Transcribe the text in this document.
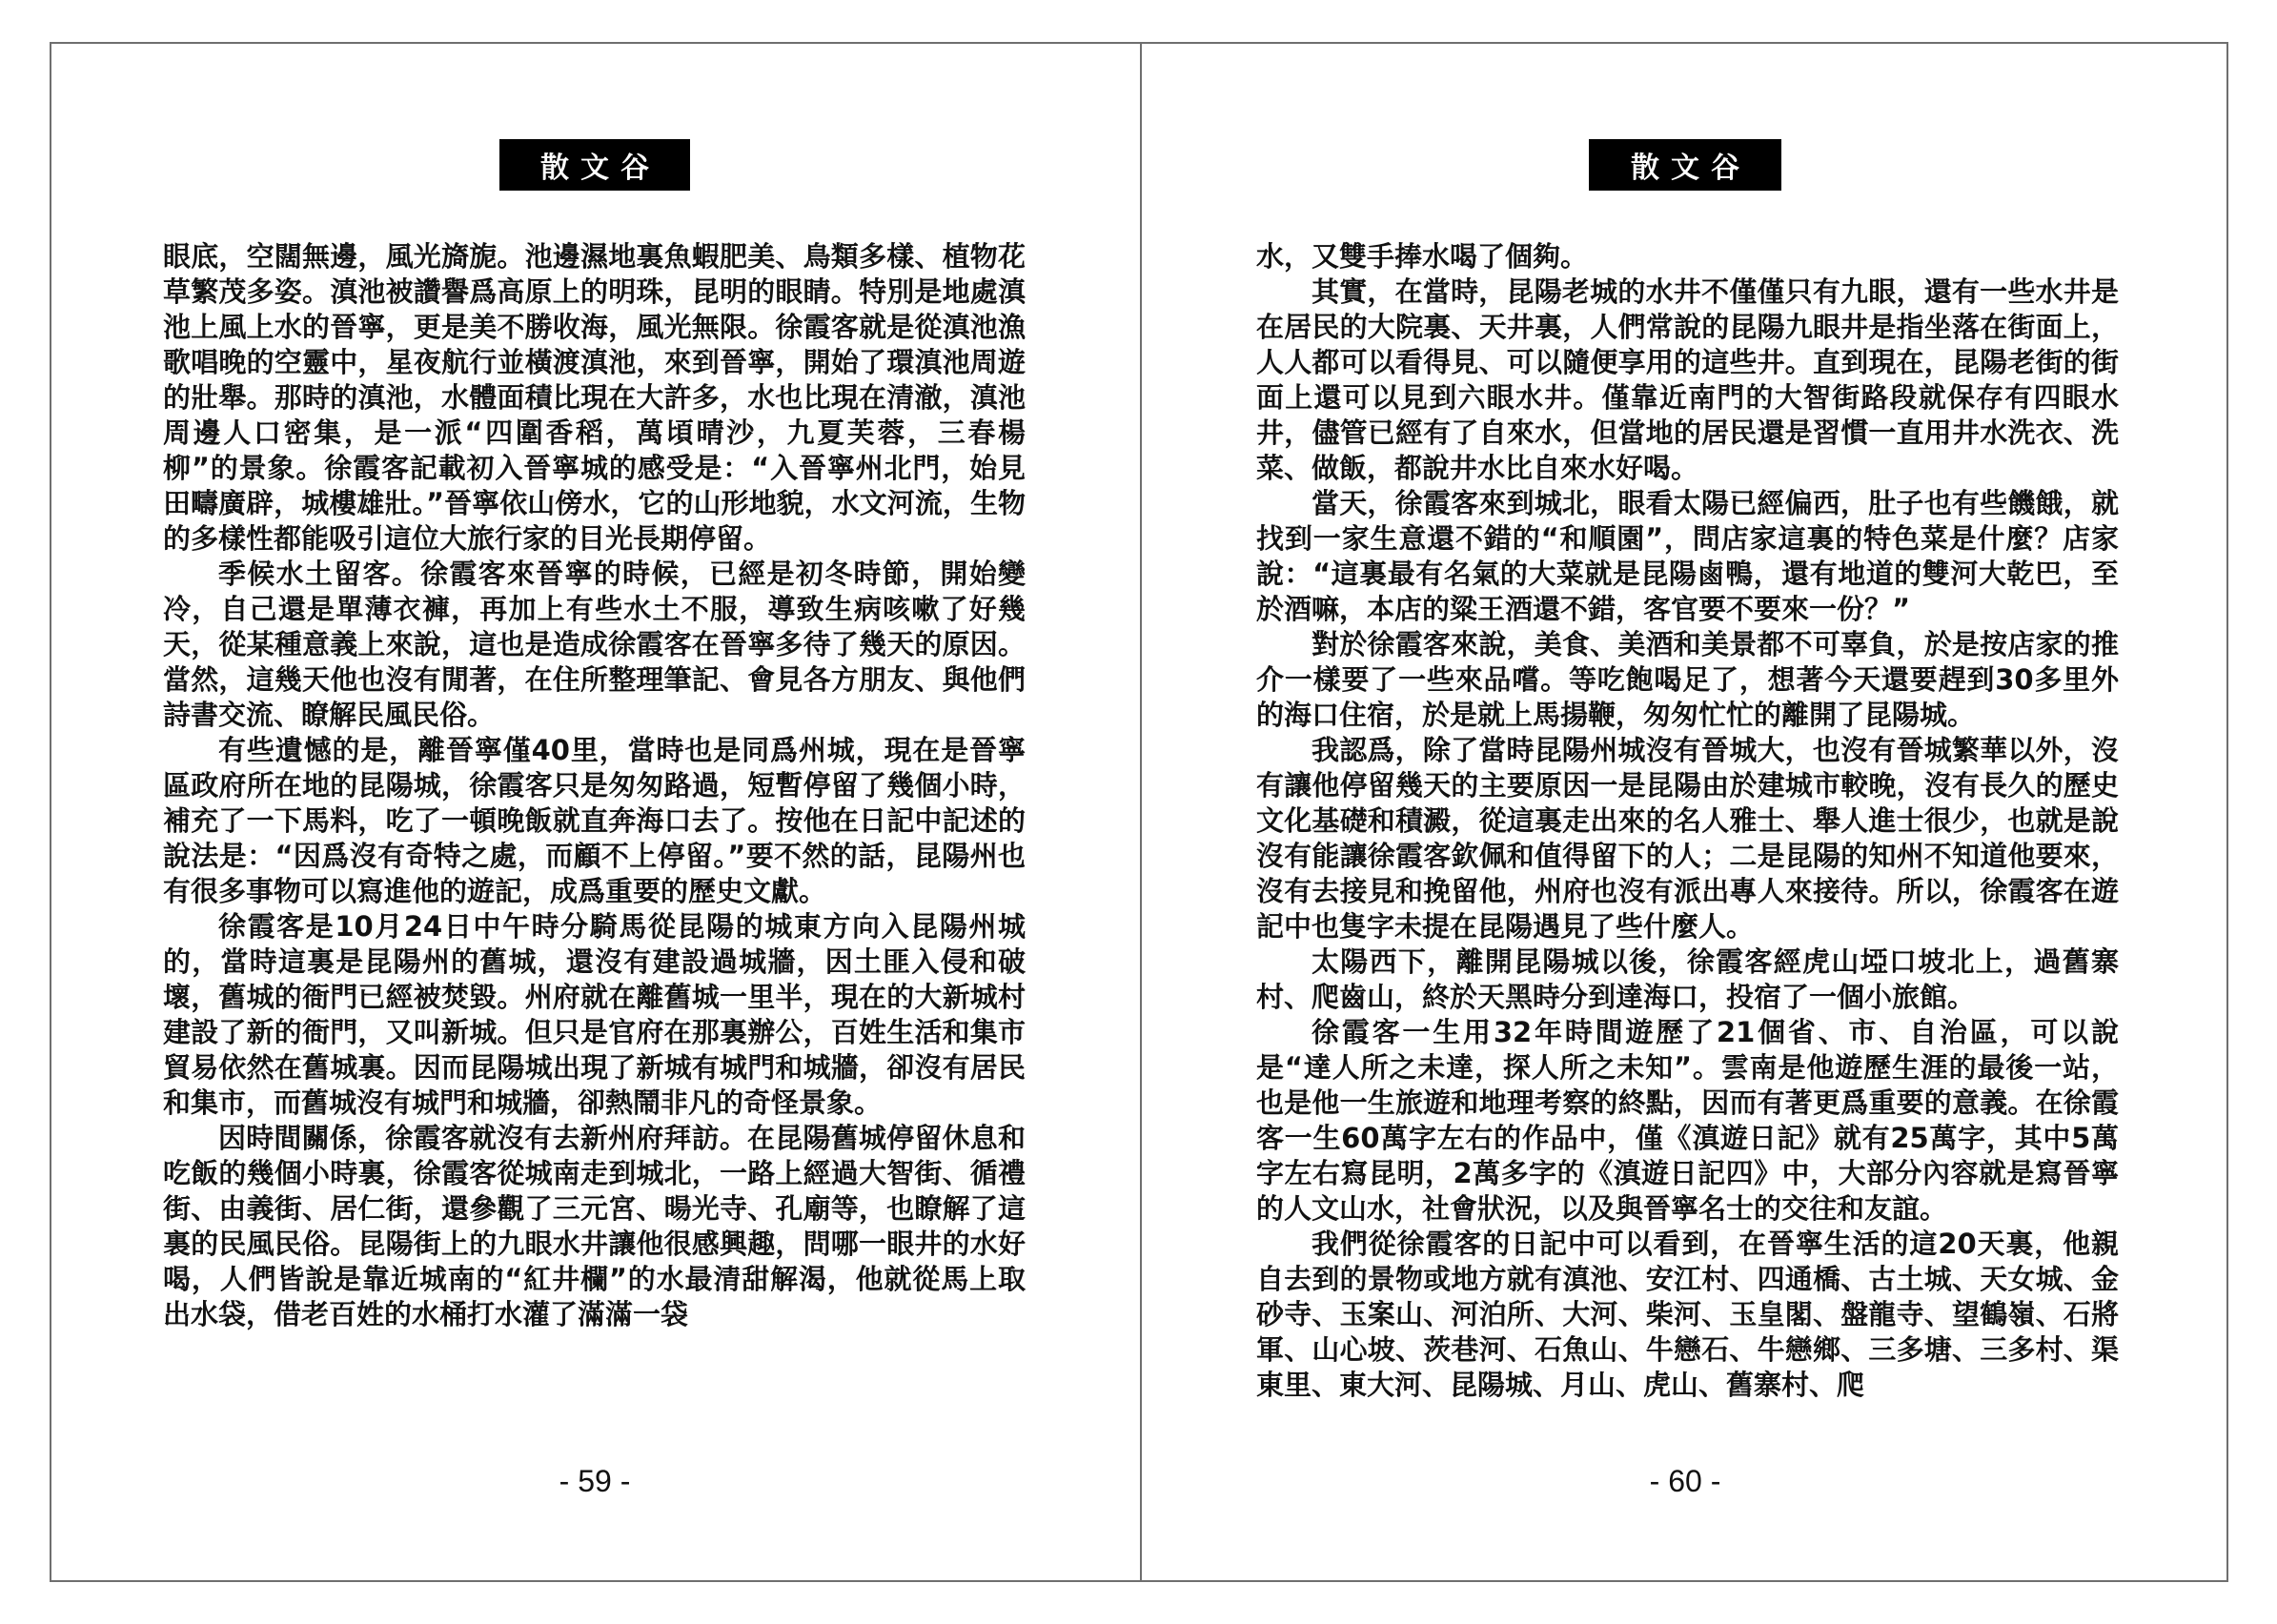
散文谷

眼底，空闊無邊，風光旖旎。池邊濕地裏魚蝦肥美、鳥類多樣、植物花草繁茂多姿。滇池被讚譽爲高原上的明珠，昆明的眼睛。特別是地處滇池上風上水的晉寧，更是美不勝收海，風光無限。徐霞客就是從滇池漁歌唱晚的空靈中，星夜航行並橫渡滇池，來到晉寧，開始了環滇池周遊的壯舉。那時的滇池，水體面積比現在大許多，水也比現在清澈，滇池周邊人口密集，是一派“四圍香稻，萬頃晴沙，九夏芙蓉，三春楊柳”的景象。徐霞客記載初入晉寧城的感受是：“入晉寧州北門，始見田疇廣辟，城樓雄壯。”晉寧依山傍水，它的山形地貌，水文河流，生物的多樣性都能吸引這位大旅行家的目光長期停留。

季候水土留客。徐霞客來晉寧的時候，已經是初冬時節，開始變冷，自己還是單薄衣褲，再加上有些水土不服，導致生病咳嗽了好幾天，從某種意義上來說，這也是造成徐霞客在晉寧多待了幾天的原因。當然，這幾天他也沒有閒著，在住所整理筆記、會見各方朋友、與他們詩書交流、瞭解民風民俗。

有些遺憾的是，離晉寧僅40里，當時也是同爲州城，現在是晉寧區政府所在地的昆陽城，徐霞客只是匆匆路過，短暫停留了幾個小時，補充了一下馬料，吃了一頓晚飯就直奔海口去了。按他在日記中記述的說法是：“因爲沒有奇特之處，而顧不上停留。”要不然的話，昆陽州也有很多事物可以寫進他的遊記，成爲重要的歷史文獻。

徐霞客是10月24日中午時分騎馬從昆陽的城東方向入昆陽州城的，當時這裏是昆陽州的舊城，還沒有建設過城牆，因土匪入侵和破壞，舊城的衙門已經被焚毀。州府就在離舊城一里半，現在的大新城村建設了新的衙門，又叫新城。但只是官府在那裏辦公，百姓生活和集市貿易依然在舊城裏。因而昆陽城出現了新城有城門和城牆，卻沒有居民和集市，而舊城沒有城門和城牆，卻熱鬧非凡的奇怪景象。

因時間關係，徐霞客就沒有去新州府拜訪。在昆陽舊城停留休息和吃飯的幾個小時裏，徐霞客從城南走到城北，一路上經過大智街、循禮街、由義街、居仁街，還參觀了三元宮、暘光寺、孔廟等，也瞭解了這裏的民風民俗。昆陽街上的九眼水井讓他很感興趣，問哪一眼井的水好喝，人們皆說是靠近城南的“紅井欄”的水最清甜解渴，他就從馬上取出水袋，借老百姓的水桶打水灌了滿滿一袋

- 59 -
散文谷

水，又雙手捧水喝了個夠。

其實，在當時，昆陽老城的水井不僅僅只有九眼，還有一些水井是在居民的大院裏、天井裏，人們常說的昆陽九眼井是指坐落在街面上，人人都可以看得見、可以隨便享用的這些井。直到現在，昆陽老街的街面上還可以見到六眼水井。僅靠近南門的大智街路段就保存有四眼水井，儘管已經有了自來水，但當地的居民還是習慣一直用井水洗衣、洗菜、做飯，都說井水比自來水好喝。

當天，徐霞客來到城北，眼看太陽已經偏西，肚子也有些饑餓，就找到一家生意還不錯的“和順園”，問店家這裏的特色菜是什麼？店家說：“這裏最有名氣的大菜就是昆陽鹵鴨，還有地道的雙河大乾巴，至於酒嘛，本店的粱王酒還不錯，客官要不要來一份？”

對於徐霞客來說，美食、美酒和美景都不可辜負，於是按店家的推介一樣要了一些來品嚐。等吃飽喝足了，想著今天還要趕到30多里外的海口住宿，於是就上馬揚鞭，匆匆忙忙的離開了昆陽城。

我認爲，除了當時昆陽州城沒有晉城大，也沒有晉城繁華以外，沒有讓他停留幾天的主要原因一是昆陽由於建城市較晚，沒有長久的歷史文化基礎和積澱，從這裏走出來的名人雅士、舉人進士很少，也就是說沒有能讓徐霞客欽佩和值得留下的人；二是昆陽的知州不知道他要來，沒有去接見和挽留他，州府也沒有派出專人來接待。所以，徐霞客在遊記中也隻字未提在昆陽遇見了些什麼人。

太陽西下，離開昆陽城以後，徐霞客經虎山埡口坡北上，過舊寨村、爬齒山，終於天黑時分到達海口，投宿了一個小旅館。

徐霞客一生用32年時間遊歷了21個省、市、自治區，可以說是“達人所之未達，探人所之未知”。雲南是他遊歷生涯的最後一站，也是他一生旅遊和地理考察的終點，因而有著更爲重要的意義。在徐霞客一生60萬字左右的作品中，僅《滇遊日記》就有25萬字，其中5萬字左右寫昆明，2萬多字的《滇遊日記四》中，大部分內容就是寫晉寧的人文山水，社會狀況，以及與晉寧名士的交往和友誼。

我們從徐霞客的日記中可以看到，在晉寧生活的這20天裏，他親自去到的景物或地方就有滇池、安江村、四通橋、古土城、天女城、金砂寺、玉案山、河泊所、大河、柴河、玉皇閣、盤龍寺、望鶴嶺、石將軍、山心坡、茨巷河、石魚山、牛戀石、牛戀鄉、三多塘、三多村、渠東里、東大河、昆陽城、月山、虎山、舊寨村、爬

- 60 -
